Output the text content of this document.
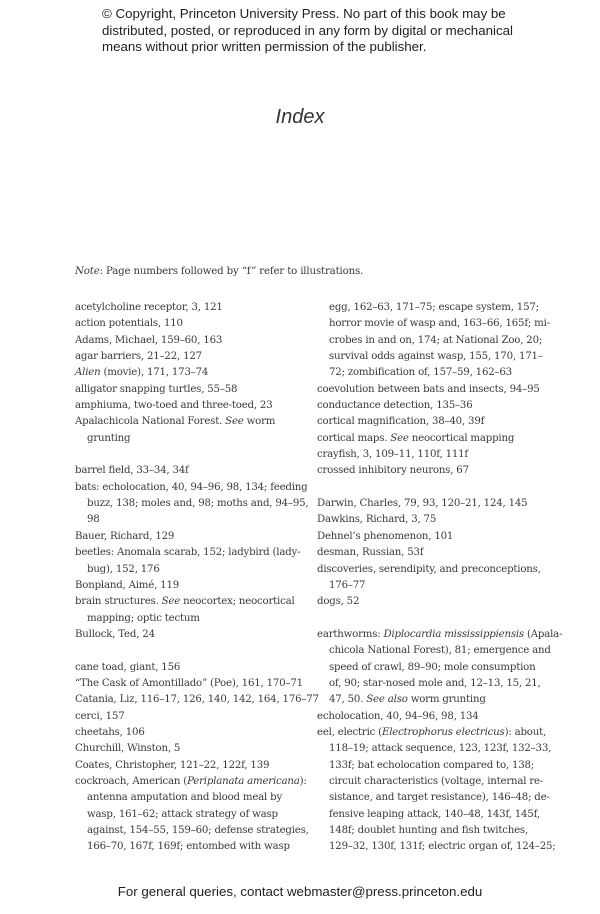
© Copyright, Princeton University Press. No part of this book may be
distributed, posted, or reproduced in any form by digital or mechanical
means without prior written permission of the publisher.
Index
Note: Page numbers followed by “f” refer to illustrations.
acetylcholine receptor, 3, 121
action potentials, 110
Adams, Michael, 159–60, 163
agar barriers, 21–22, 127
Alien (movie), 171, 173–74
alligator snapping turtles, 55–58
amphiuma, two-toed and three-toed, 23
Apalachicola National Forest. See worm
grunting
barrel field, 33–34, 34f
bats: echolocation, 40, 94–96, 98, 134; feeding
buzz, 138; moles and, 98; moths and, 94–95,
98
Bauer, Richard, 129
beetles: Anomala scarab, 152; ladybird (lady-
bug), 152, 176
Bonpland, Aimé, 119
brain structures. See neocortex; neocortical
mapping; optic tectum
Bullock, Ted, 24
cane toad, giant, 156
“The Cask of Amontillado” (Poe), 161, 170–71
Catania, Liz, 116–17, 126, 140, 142, 164, 176–77
cerci, 157
cheetahs, 106
Churchill, Winston, 5
Coates, Christopher, 121–22, 122f, 139
cockroach, American (Periplanata americana):
antenna amputation and blood meal by
wasp, 161–62; attack strategy of wasp
against, 154–55, 159–60; defense strategies,
166–70, 167f, 169f; entombed with wasp
egg, 162–63, 171–75; escape system, 157;
horror movie of wasp and, 163–66, 165f; mi-
crobes in and on, 174; at National Zoo, 20;
survival odds against wasp, 155, 170, 171–
72; zombification of, 157–59, 162–63
coevolution between bats and insects, 94–95
conductance detection, 135–36
cortical magnification, 38–40, 39f
cortical maps. See neocortical mapping
crayfish, 3, 109–11, 110f, 111f
crossed inhibitory neurons, 67
Darwin, Charles, 79, 93, 120–21, 124, 145
Dawkins, Richard, 3, 75
Dehnel’s phenomenon, 101
desman, Russian, 53f
discoveries, serendipity, and preconceptions,
176–77
dogs, 52
earthworms: Diplocardia mississippiensis (Apala-
chicola National Forest), 81; emergence and
speed of crawl, 89–90; mole consumption
of, 90; star-nosed mole and, 12–13, 15, 21,
47, 50. See also worm grunting
echolocation, 40, 94–96, 98, 134
eel, electric (Electrophorus electricus): about,
118–19; attack sequence, 123, 123f, 132–33,
133f; bat echolocation compared to, 138;
circuit characteristics (voltage, internal re-
sistance, and target resistance), 146–48; de-
fensive leaping attack, 140–48, 143f, 145f,
148f; doublet hunting and fish twitches,
129–32, 130f, 131f; electric organ of, 124–25;
For general queries, contact webmaster@press.princeton.edu
